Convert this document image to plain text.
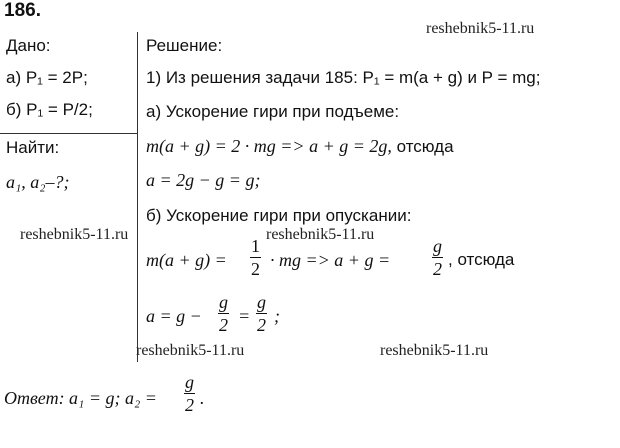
186.
Дано:
а) P₁ = 2P;
б) P₁ = P/2;
Найти:
a₁, a₂–?;
Решение:
1) Из решения задачи 185: P₁ = m(a + g) и P = mg;
а) Ускорение гири при подъеме:
m(a + g) = 2 · mg => a + g = 2g, отсюда
a = 2g − g = g;
б) Ускорение гири при опускании:
m(a + g) =
1
2 · mg => a + g =
g
2 , отсюда
a = g −
g
2 =
g
2 ;
Ответ: a₁ = g; a₂ =
g
2 .
reshebnik5-11.ru
reshebnik5-11.ru	reshebnik5-11.ru
reshebnik5-11.ru	reshebnik5-11.ru
